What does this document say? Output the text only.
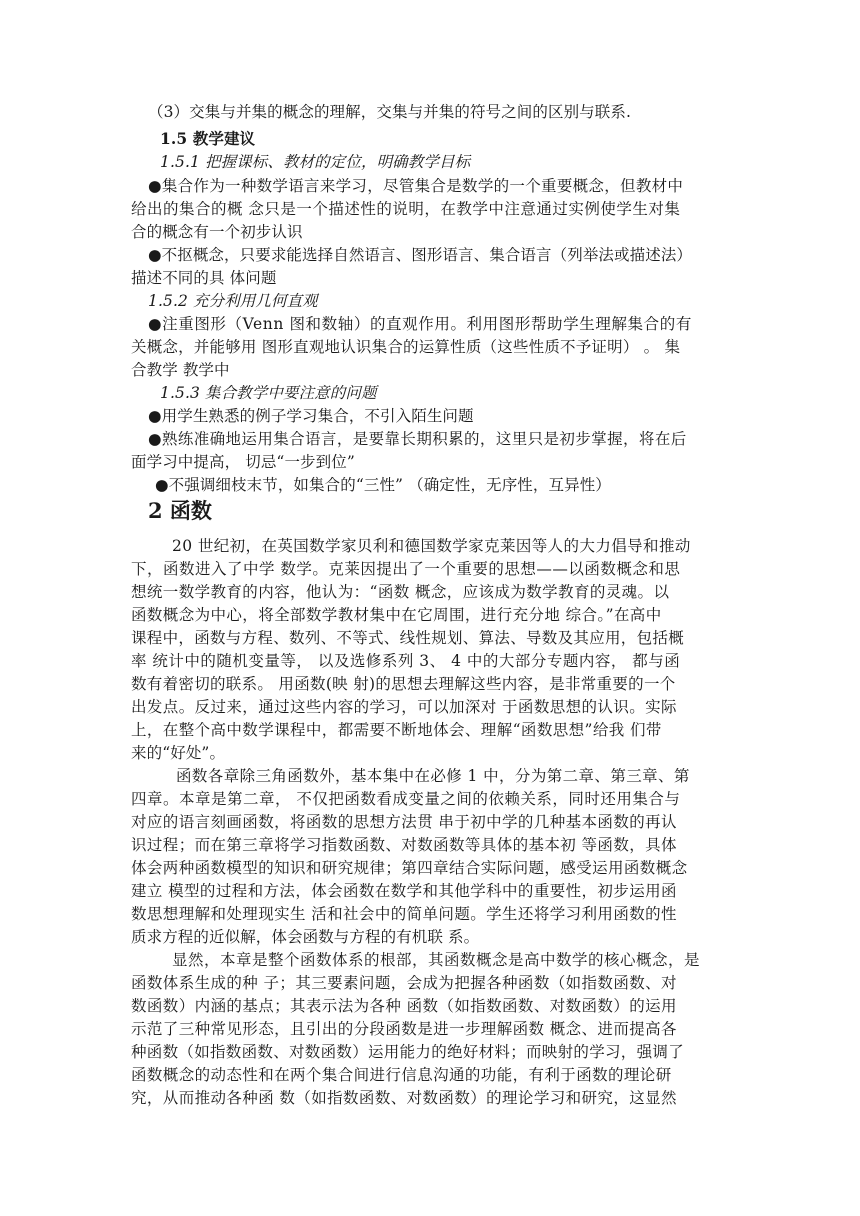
（3）交集与并集的概念的理解，交集与并集的符号之间的区别与联系.
1.5 教学建议
1.5.1 把握课标、教材的定位，明确教学目标
●集合作为一种数学语言来学习，尽管集合是数学的一个重要概念，但教材中
给出的集合的概 念只是一个描述性的说明，在教学中注意通过实例使学生对集
合的概念有一个初步认识
●不抠概念，只要求能选择自然语言、图形语言、集合语言（列举法或描述法）
描述不同的具 体问题
1.5.2 充分利用几何直观
●注重图形（Venn 图和数轴）的直观作用。利用图形帮助学生理解集合的有
关概念，并能够用 图形直观地认识集合的运算性质（这些性质不予证明） 。 集
合教学 教学中
1.5.3 集合教学中要注意的问题
●用学生熟悉的例子学习集合，不引入陌生问题
●熟练准确地运用集合语言，是要靠长期积累的，这里只是初步掌握，将在后
面学习中提高， 切忌“一步到位”
●不强调细枝末节，如集合的“三性” （确定性，无序性，互异性）
2 函数
20 世纪初，在英国数学家贝利和德国数学家克莱因等人的大力倡导和推动
下，函数进入了中学 数学。克莱因提出了一个重要的思想——以函数概念和思
想统一数学教育的内容，他认为：“函数 概念，应该成为数学教育的灵魂。以
函数概念为中心，将全部数学教材集中在它周围，进行充分地 综合。”在高中
课程中，函数与方程、数列、不等式、线性规划、算法、导数及其应用，包括概
率 统计中的随机变量等， 以及选修系列 3、 4 中的大部分专题内容， 都与函
数有着密切的联系。 用函数(映 射)的思想去理解这些内容，是非常重要的一个
出发点。反过来，通过这些内容的学习，可以加深对 于函数思想的认识。实际
上，在整个高中数学课程中，都需要不断地体会、理解“函数思想”给我 们带
来的“好处”。
函数各章除三角函数外，基本集中在必修 1 中，分为第二章、第三章、第
四章。本章是第二章， 不仅把函数看成变量之间的依赖关系，同时还用集合与
对应的语言刻画函数，将函数的思想方法贯 串于初中学的几种基本函数的再认
识过程；而在第三章将学习指数函数、对数函数等具体的基本初 等函数，具体
体会两种函数模型的知识和研究规律；第四章结合实际问题，感受运用函数概念
建立 模型的过程和方法，体会函数在数学和其他学科中的重要性，初步运用函
数思想理解和处理现实生 活和社会中的简单问题。学生还将学习利用函数的性
质求方程的近似解，体会函数与方程的有机联 系。
显然，本章是整个函数体系的根部，其函数概念是高中数学的核心概念，是
函数体系生成的种 子；其三要素问题，会成为把握各种函数（如指数函数、对
数函数）内涵的基点；其表示法为各种 函数（如指数函数、对数函数）的运用
示范了三种常见形态，且引出的分段函数是进一步理解函数 概念、进而提高各
种函数（如指数函数、对数函数）运用能力的绝好材料；而映射的学习，强调了
函数概念的动态性和在两个集合间进行信息沟通的功能，有利于函数的理论研
究，从而推动各种函 数（如指数函数、对数函数）的理论学习和研究，这显然
